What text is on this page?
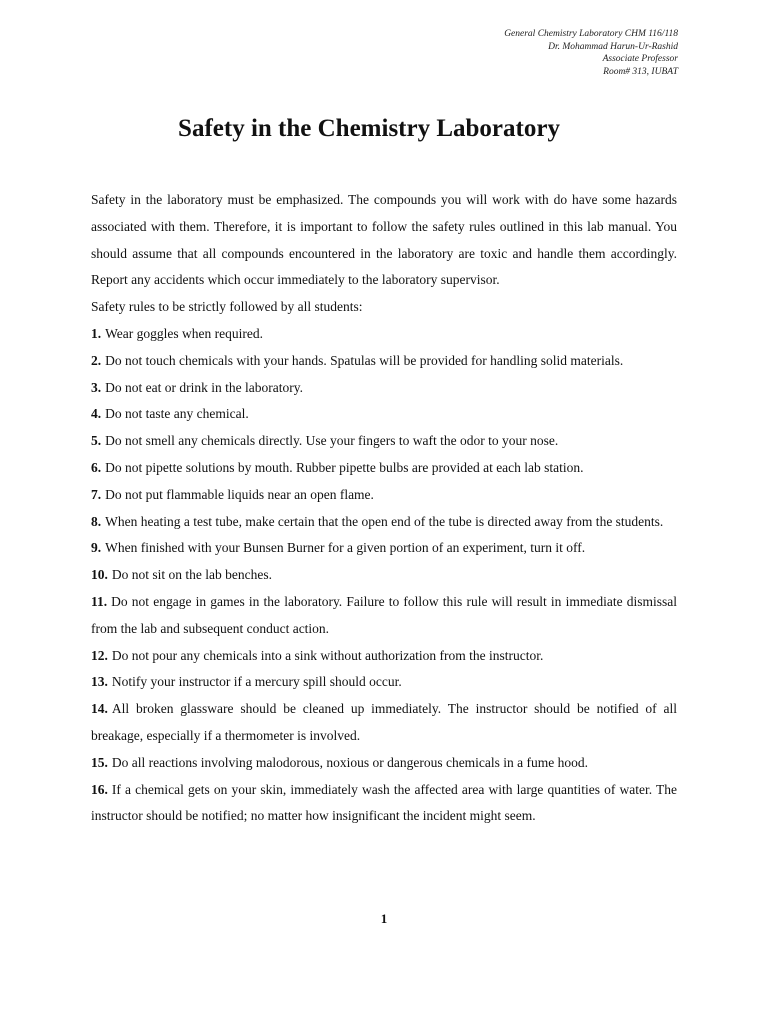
General Chemistry Laboratory CHM 116/118
Dr. Mohammad Harun-Ur-Rashid
Associate Professor
Room# 313, IUBAT
Safety in the Chemistry Laboratory

Safety in the laboratory must be emphasized. The compounds you will work with do have some hazards associated with them. Therefore, it is important to follow the safety rules outlined in this lab manual. You should assume that all compounds encountered in the laboratory are toxic and handle them accordingly. Report any accidents which occur immediately to the laboratory supervisor.

Safety rules to be strictly followed by all students:

1. Wear goggles when required.

2. Do not touch chemicals with your hands. Spatulas will be provided for handling solid materials.

3. Do not eat or drink in the laboratory.

4. Do not taste any chemical.

5. Do not smell any chemicals directly. Use your fingers to waft the odor to your nose.

6. Do not pipette solutions by mouth. Rubber pipette bulbs are provided at each lab station.

7. Do not put flammable liquids near an open flame.

8. When heating a test tube, make certain that the open end of the tube is directed away from the students.

9. When finished with your Bunsen Burner for a given portion of an experiment, turn it off.

10. Do not sit on the lab benches.

11. Do not engage in games in the laboratory. Failure to follow this rule will result in immediate dismissal from the lab and subsequent conduct action.

12. Do not pour any chemicals into a sink without authorization from the instructor.

13. Notify your instructor if a mercury spill should occur.

14. All broken glassware should be cleaned up immediately. The instructor should be notified of all breakage, especially if a thermometer is involved.

15. Do all reactions involving malodorous, noxious or dangerous chemicals in a fume hood.

16. If a chemical gets on your skin, immediately wash the affected area with large quantities of water. The instructor should be notified; no matter how insignificant the incident might seem.

1
